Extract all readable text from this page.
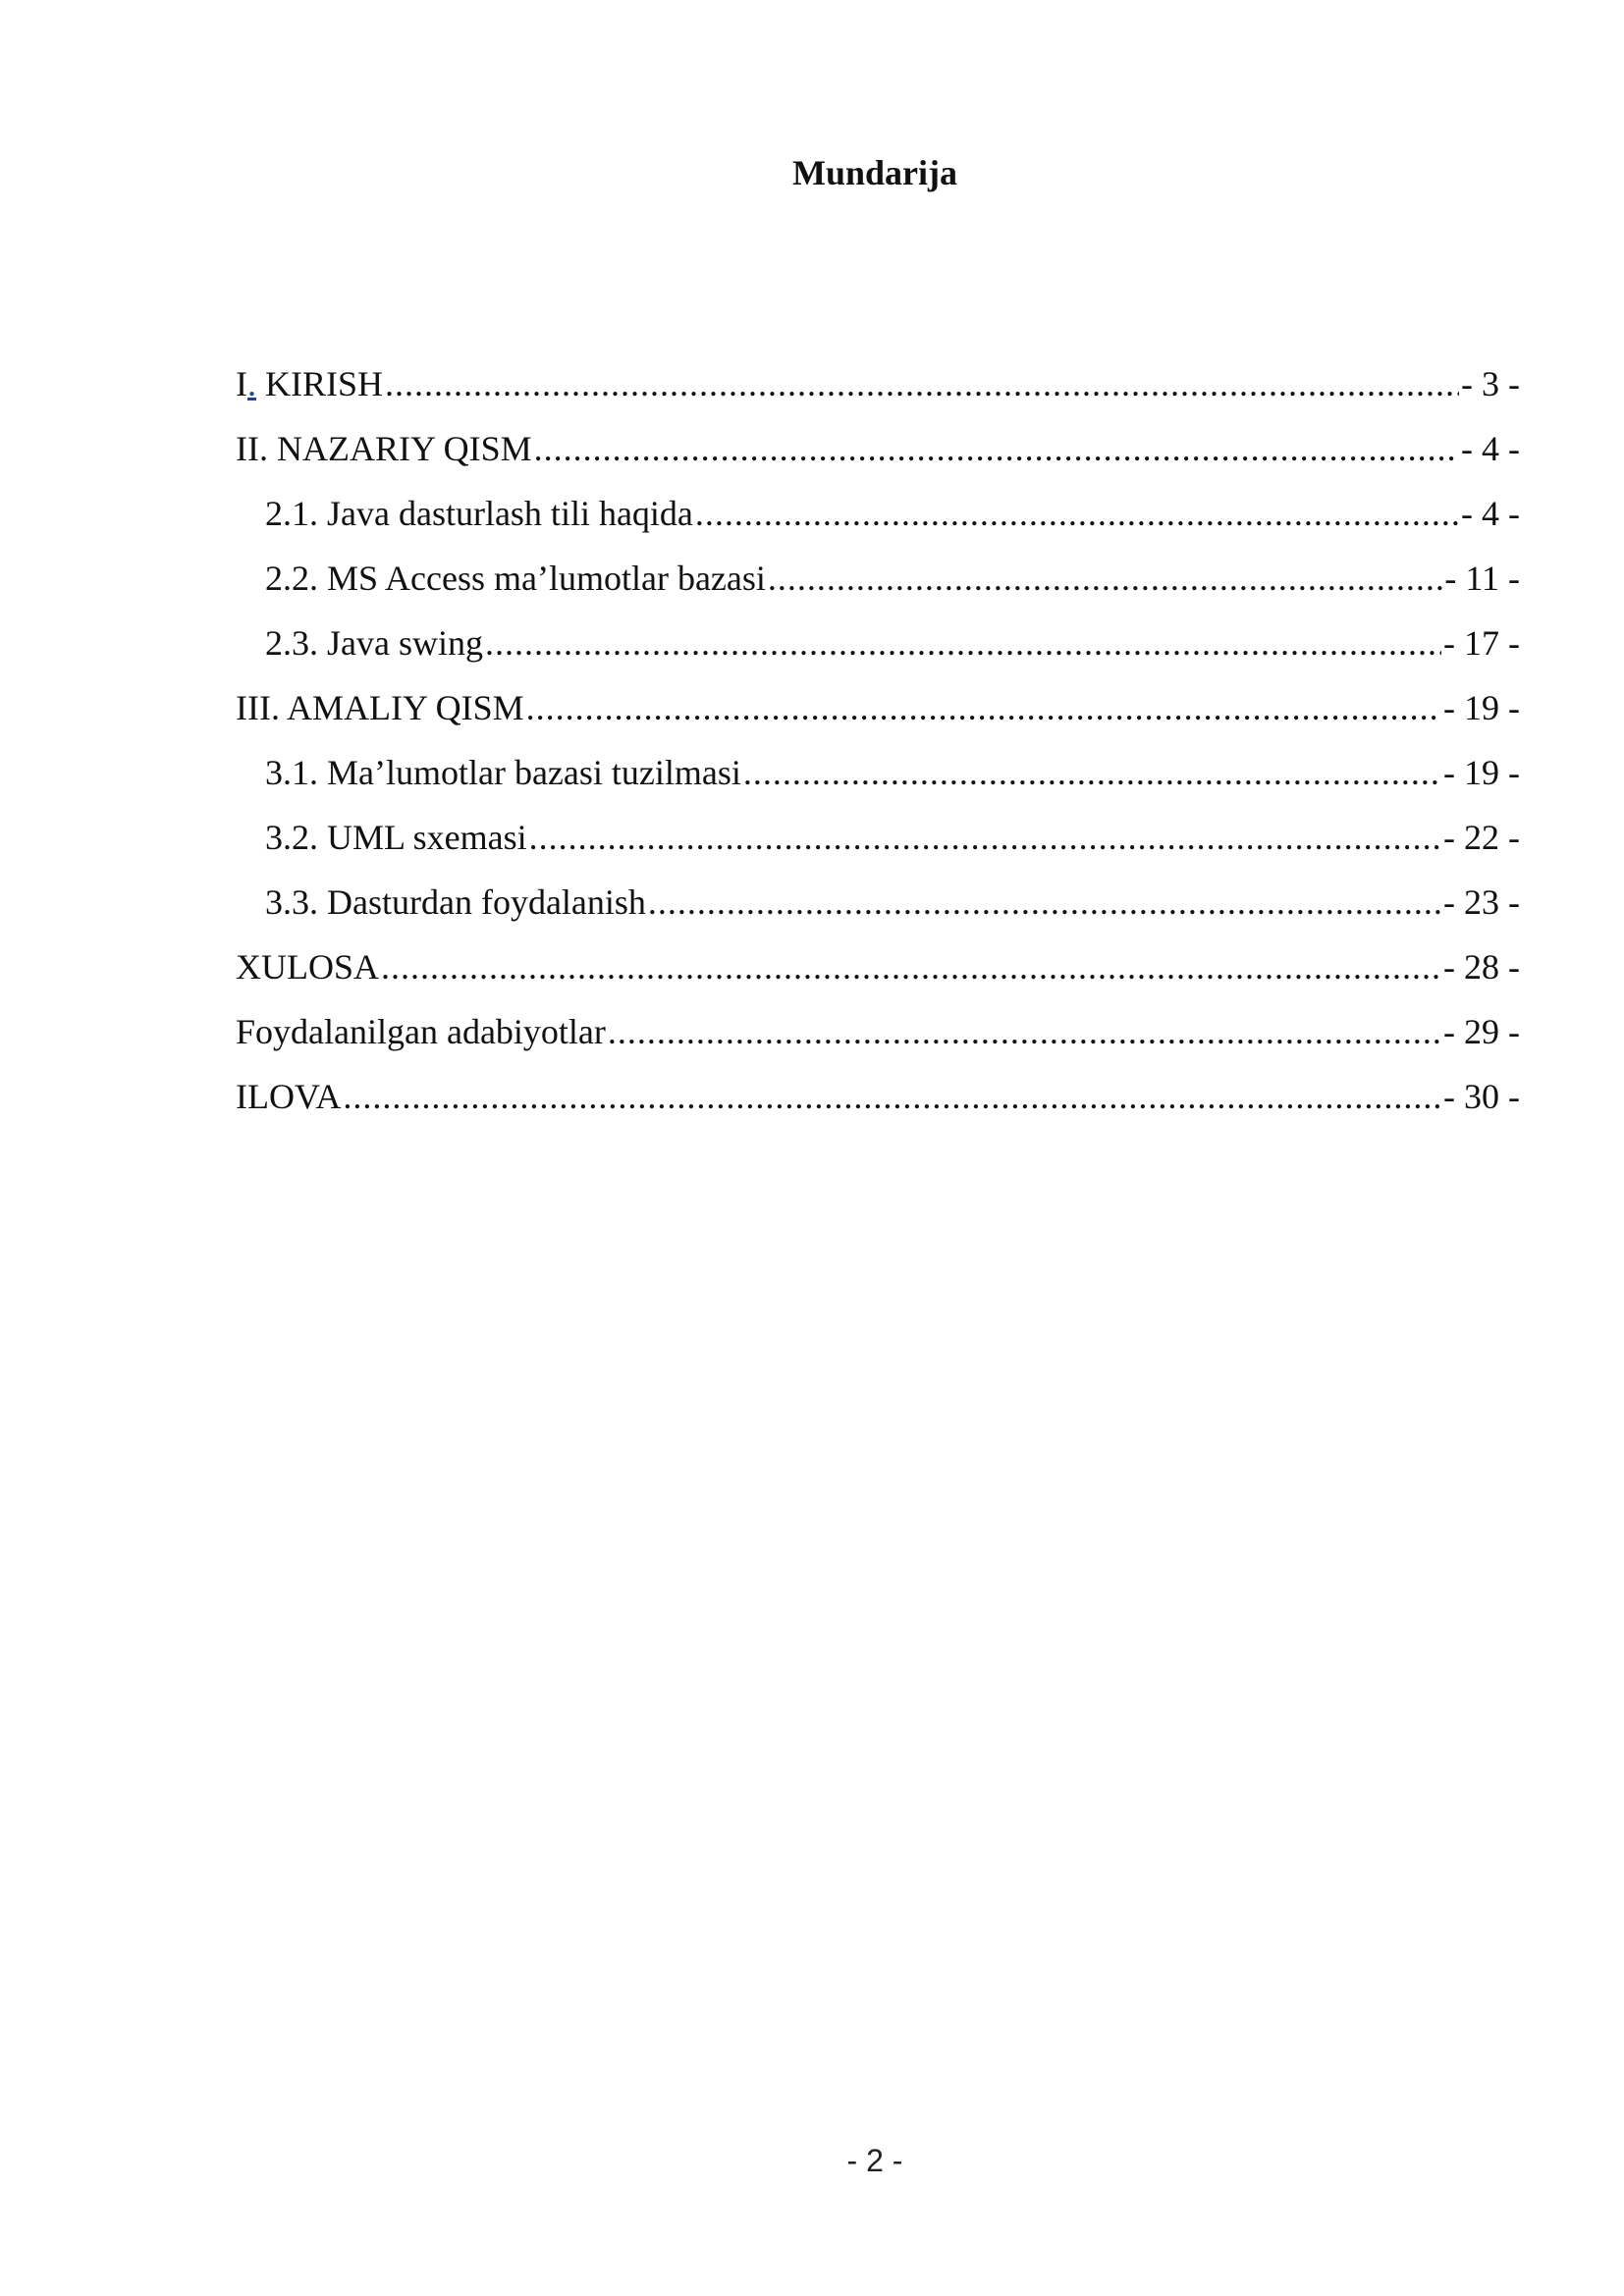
Mundarija
I. KIRISH .....	- 3 -
II. NAZARIY QISM .....	- 4 -
2.1. Java dasturlash tili haqida .....	- 4 -
2.2. MS Access ma’lumotlar bazasi .....	- 11 -
2.3. Java swing .....	- 17 -
III. AMALIY QISM .....	- 19 -
3.1. Ma’lumotlar bazasi tuzilmasi .....	- 19 -
3.2. UML sxemasi .....	- 22 -
3.3. Dasturdan foydalanish .....	- 23 -
XULOSA .....	- 28 -
Foydalanilgan adabiyotlar .....	- 29 -
ILOVA .....	- 30 -
- 2 -
